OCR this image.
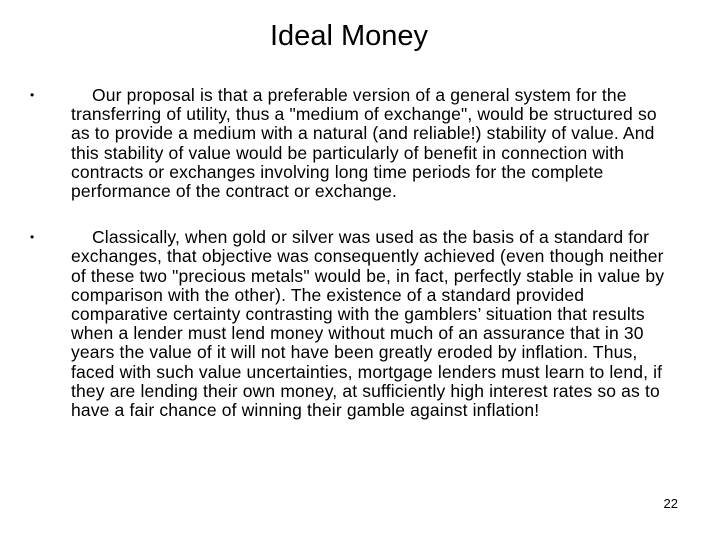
Ideal Money
•	Our proposal is that a preferable version of a general system for the transferring of utility, thus a "medium of exchange", would be structured so as to provide a medium with a natural (and reliable!) stability of value. And this stability of value would be particularly of benefit in connection with contracts or exchanges involving long time periods for the complete performance of the contract or exchange.
•	Classically, when gold or silver was used as the basis of a standard for exchanges, that objective was consequently achieved (even though neither of these two "precious metals" would be, in fact, perfectly stable in value by comparison with the other). The existence of a standard provided comparative certainty contrasting with the gamblers’ situation that results when a lender must lend money without much of an assurance that in 30 years the value of it will not have been greatly eroded by inflation. Thus, faced with such value uncertainties, mortgage lenders must learn to lend, if they are lending their own money, at sufficiently high interest rates so as to have a fair chance of winning their gamble against inflation!
22
